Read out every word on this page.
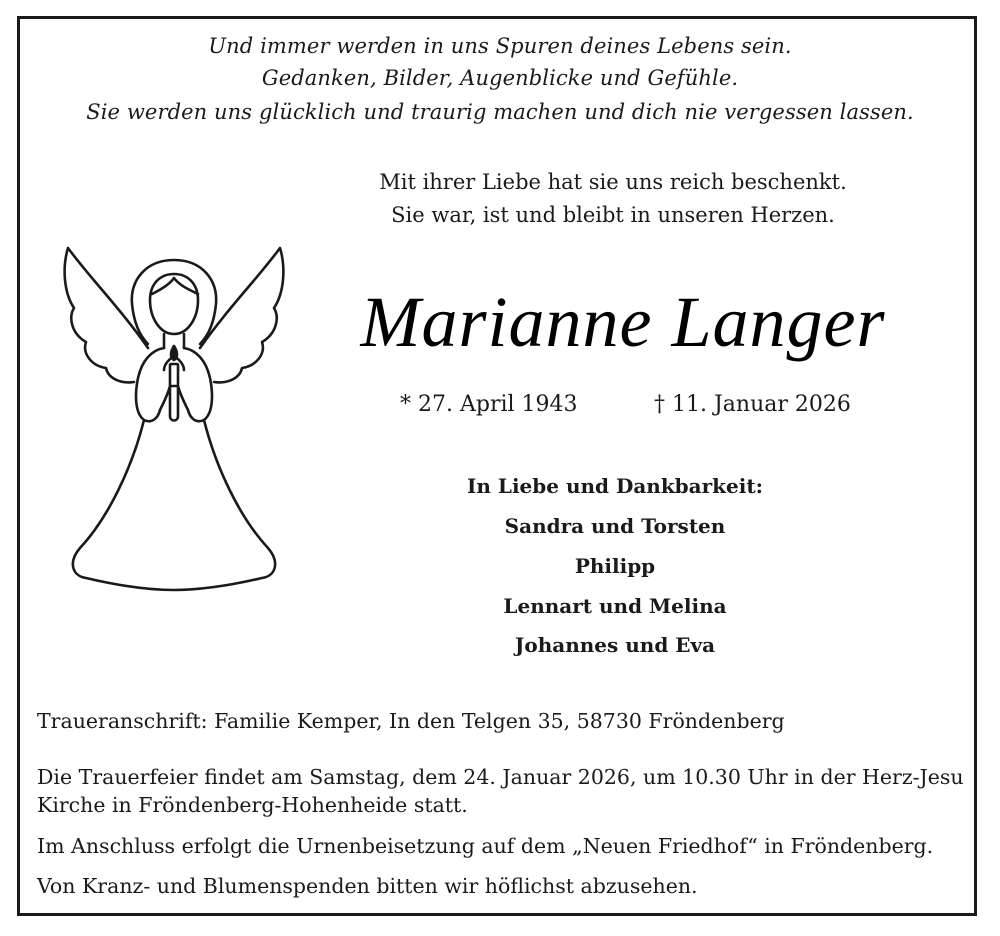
Und immer werden in uns Spuren deines Lebens sein.
Gedanken, Bilder, Augenblicke und Gefühle.
Sie werden uns glücklich und traurig machen und dich nie vergessen lassen.
Mit ihrer Liebe hat sie uns reich beschenkt.
Sie war, ist und bleibt in unseren Herzen.
Marianne Langer
* 27. April 1943	† 11. Januar 2026
In Liebe und Dankbarkeit:
Sandra und Torsten
Philipp
Lennart und Melina
Johannes und Eva
Traueranschrift: Familie Kemper, In den Telgen 35, 58730 Fröndenberg
Die Trauerfeier findet am Samstag, dem 24. Januar 2026, um 10.30 Uhr in der Herz-Jesu
Kirche in Fröndenberg-Hohenheide statt.
Im Anschluss erfolgt die Urnenbeisetzung auf dem „Neuen Friedhof“ in Fröndenberg.
Von Kranz- und Blumenspenden bitten wir höflichst abzusehen.
